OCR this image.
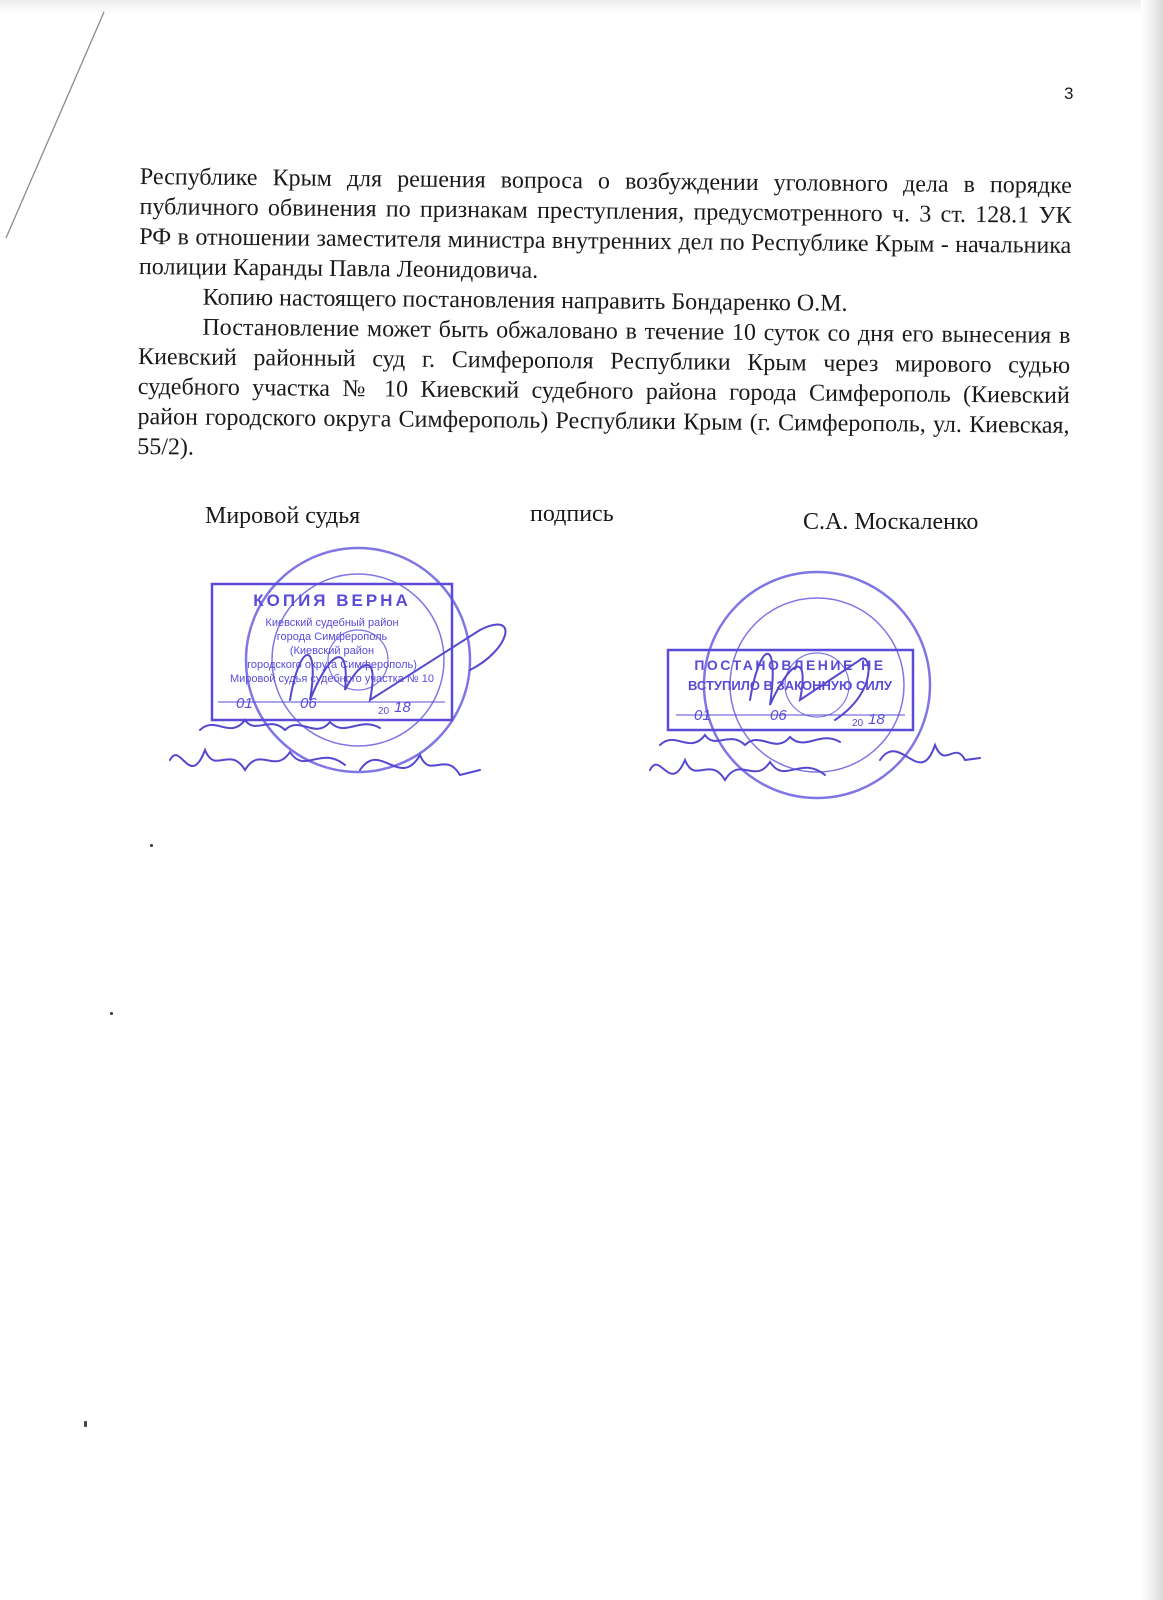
3

Республике Крым для решения вопроса о возбуждении уголовного дела в порядке публичного обвинения по признакам преступления, предусмотренного ч. 3 ст. 128.1 УК РФ в отношении заместителя министра внутренних дел по Республике Крым - начальника полиции Каранды Павла Леонидовича.

Копию настоящего постановления направить Бондаренко О.М.

Постановление может быть обжаловано в течение 10 суток со дня его вынесения в Киевский районный суд г. Симферополя Республики Крым через мирового судью судебного участка № 10 Киевский судебного района города Симферополь (Киевский район городского округа Симферополь) Республики Крым (г. Симферополь, ул. Киевская, 55/2).

Мировой судья	подпись	С.А. Москаленко
КОПИЯ ВЕРНА
Киевский судебный район
города Симферополь
(Киевский район
городского округа Симферополь)
Мировой судья судебного участка № 10
01	06	20 18
ПОСТАНОВЛЕНИЕ НЕ
ВСТУПИЛО В ЗАКОННУЮ СИЛУ
01	06	20 18
